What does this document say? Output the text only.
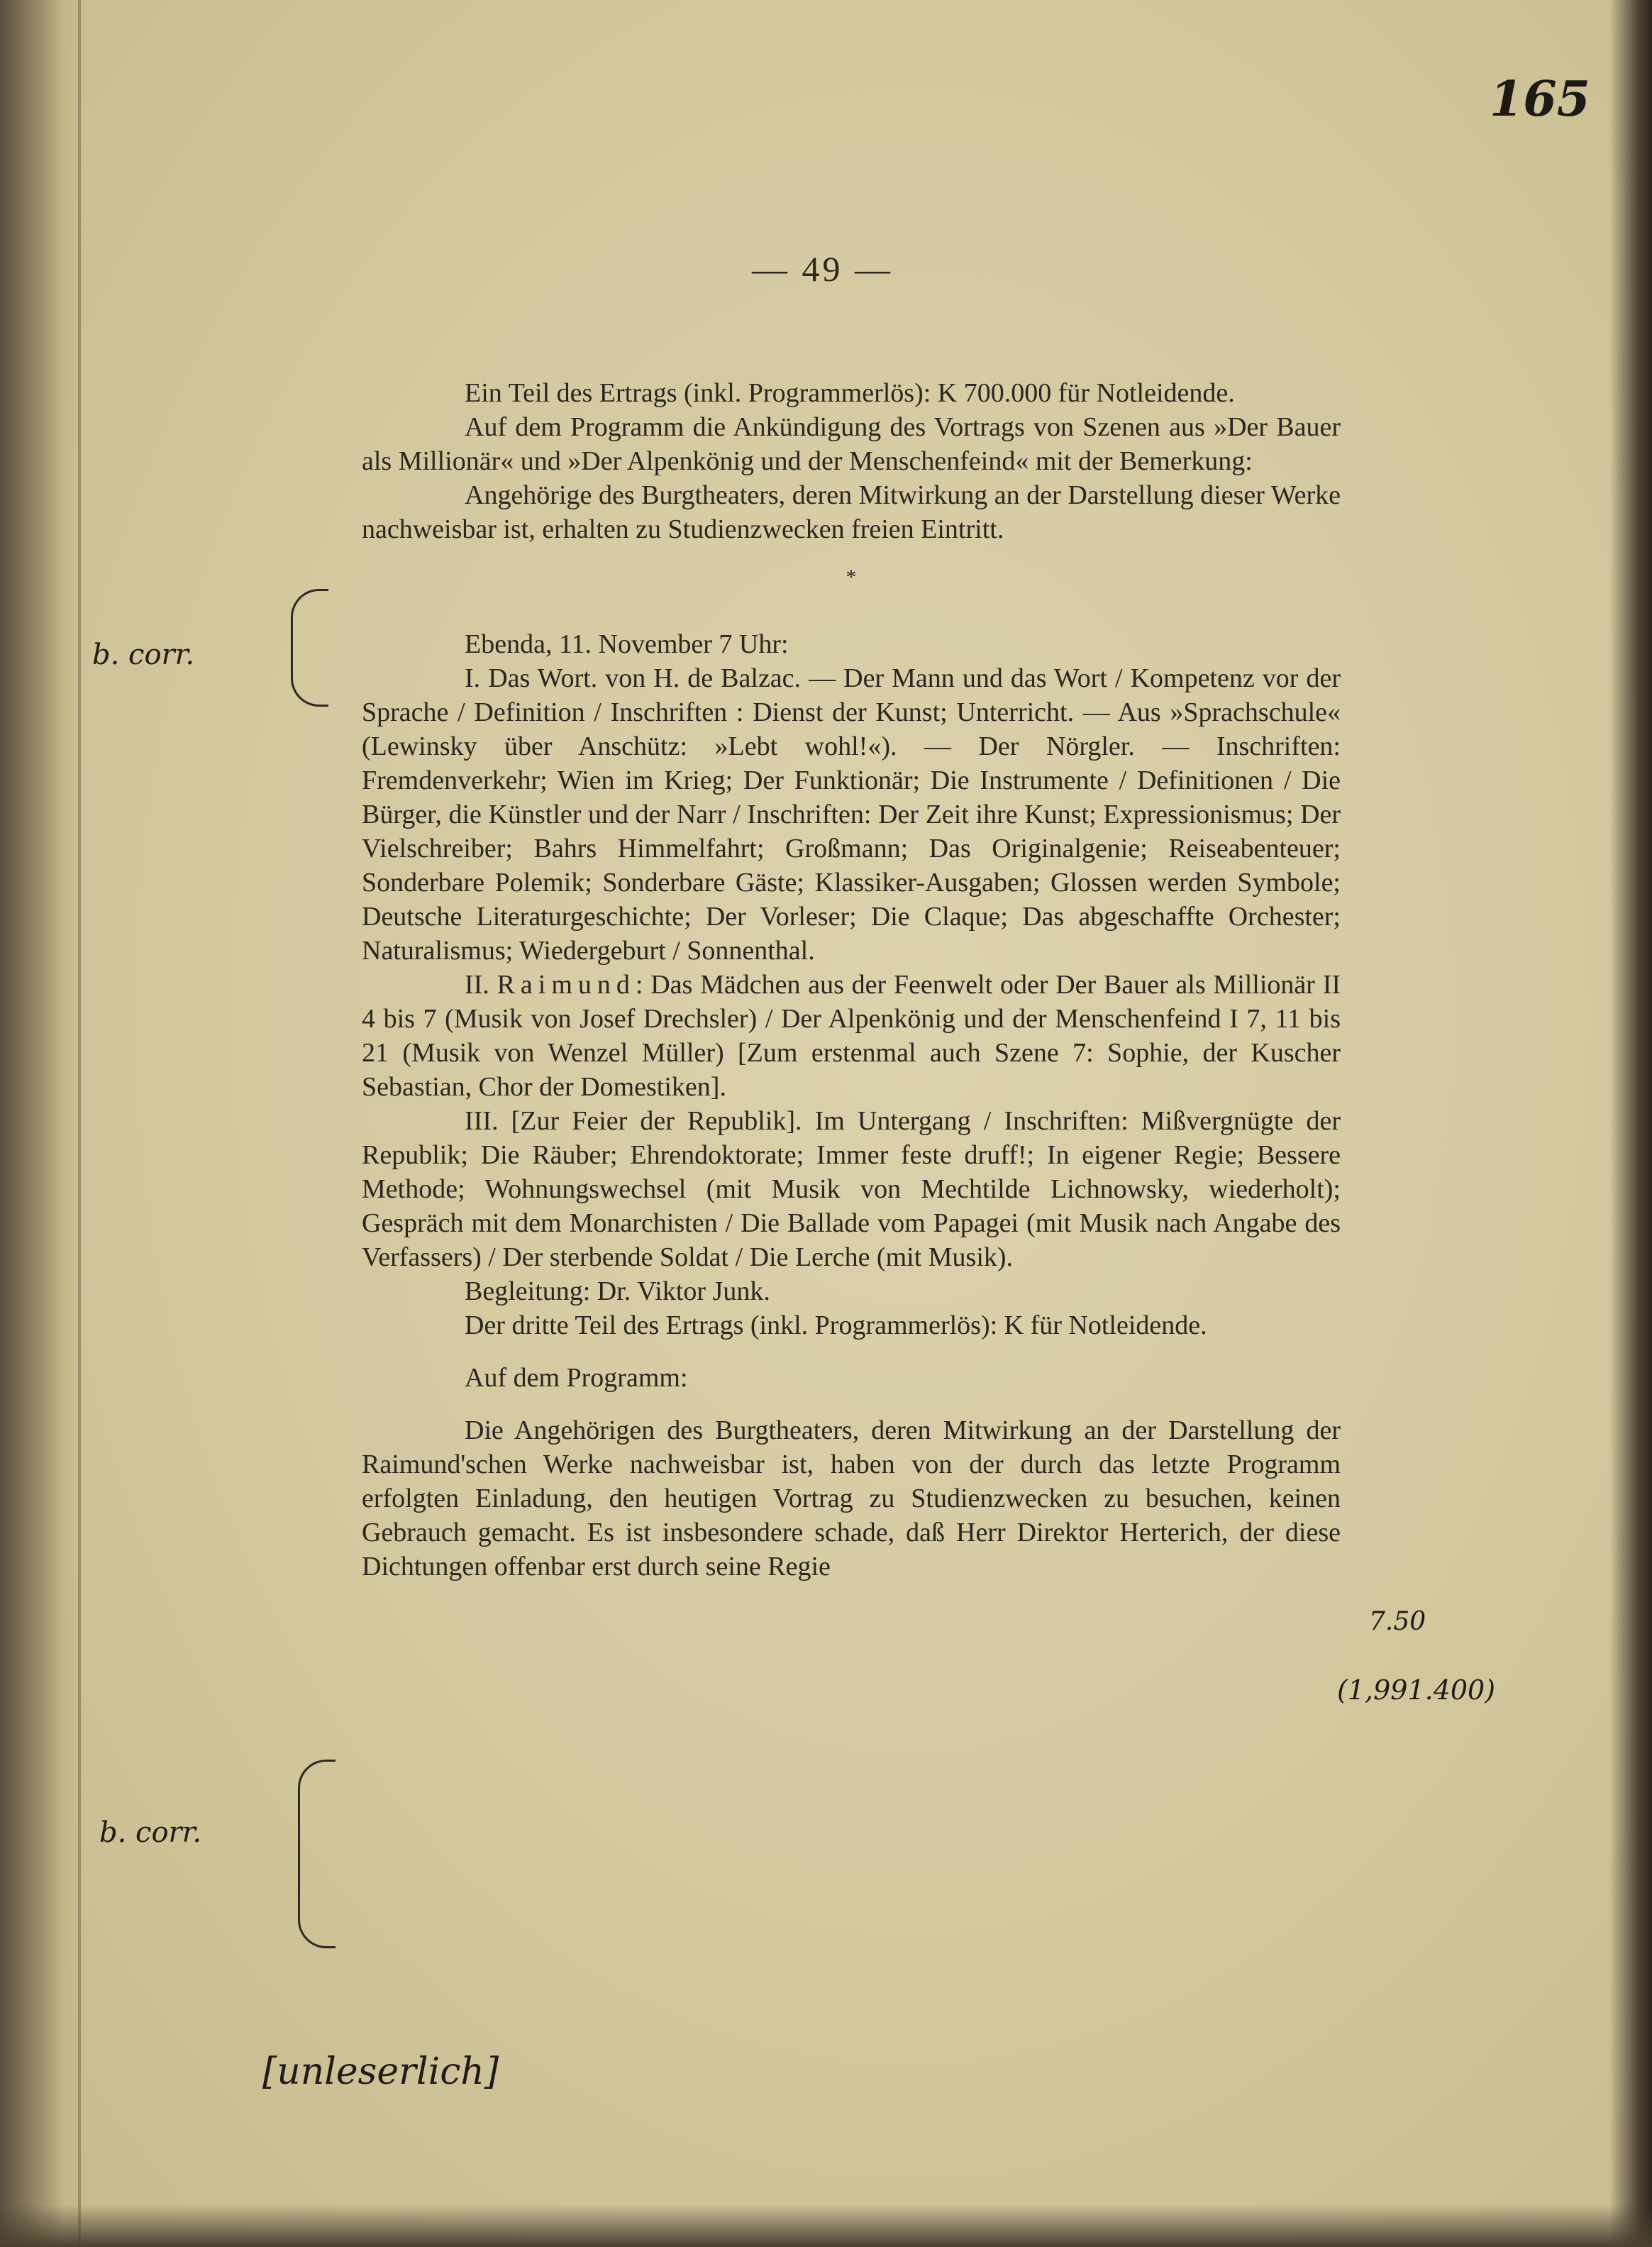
165
— 49 —

Ein Teil des Ertrags (inkl. Programmerlös): K 700.000 für Notleidende.

Auf dem Programm die Ankündigung des Vortrags von Szenen aus »Der Bauer als Millionär« und »Der Alpenkönig und der Menschenfeind« mit der Bemerkung:

Angehörige des Burgtheaters, deren Mitwirkung an der Darstellung dieser Werke nachweisbar ist, erhalten zu Studienzwecken freien Eintritt.

*

Ebenda, 11. November 7 Uhr:

I. Das Wort. von H. de Balzac. — Der Mann und das Wort / Kompetenz vor der Sprache / Definition / Inschriften : Dienst der Kunst; Unterricht. — Aus »Sprachschule« (Lewinsky über Anschütz: »Lebt wohl!«). — Der Nörgler. — Inschriften: Fremdenverkehr; Wien im Krieg; Der Funktionär; Die Instrumente / Definitionen / Die Bürger, die Künstler und der Narr / Inschriften: Der Zeit ihre Kunst; Expressionismus; Der Vielschreiber; Bahrs Himmelfahrt; Großmann; Das Originalgenie; Reiseabenteuer; Sonderbare Polemik; Sonderbare Gäste; Klassiker-Ausgaben; Glossen werden Symbole; Deutsche Literaturgeschichte; Der Vorleser; Die Claque; Das abgeschaffte Orchester; Naturalismus; Wiedergeburt / Sonnenthal.

II. Raimund: Das Mädchen aus der Feenwelt oder Der Bauer als Millionär II 4 bis 7 (Musik von Josef Drechsler) / Der Alpenkönig und der Menschenfeind I 7, 11 bis 21 (Musik von Wenzel Müller) [Zum erstenmal auch Szene 7: Sophie, der Kuscher Sebastian, Chor der Domestiken].

III. [Zur Feier der Republik]. Im Untergang / Inschriften: Mißvergnügte der Republik; Die Räuber; Ehrendoktorate; Immer feste druff!; In eigener Regie; Bessere Methode; Wohnungswechsel (mit Musik von Mechtilde Lichnowsky, wiederholt); Gespräch mit dem Monarchisten / Die Ballade vom Papagei (mit Musik nach Angabe des Verfassers) / Der sterbende Soldat / Die Lerche (mit Musik).

Begleitung: Dr. Viktor Junk.

Der dritte Teil des Ertrags (inkl. Programmerlös): K für Notleidende.

Auf dem Programm:

Die Angehörigen des Burgtheaters, deren Mitwirkung an der Darstellung der Raimund'schen Werke nachweisbar ist, haben von der durch das letzte Programm erfolgten Einladung, den heutigen Vortrag zu Studienzwecken zu besuchen, keinen Gebrauch gemacht. Es ist insbesondere schade, daß Herr Direktor Herterich, der diese Dichtungen offenbar erst durch seine Regie

b. corr.
b. corr.
7.50
(1,991.400)
[unleserlich]
